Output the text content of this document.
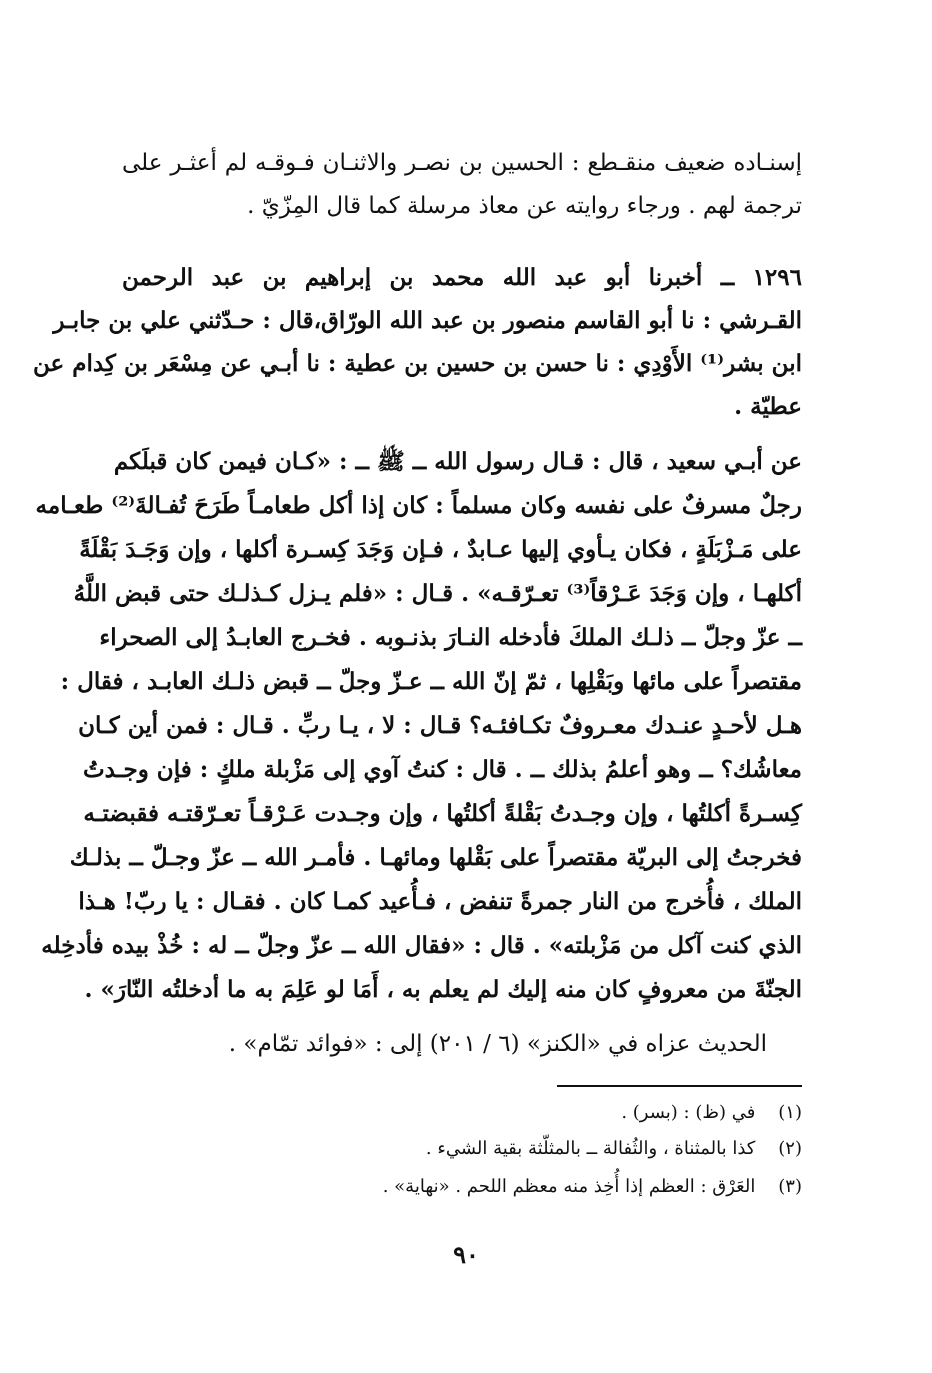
إسنـاده ضعيف منقـطع : الحسين بن نصـر والاثنـان فـوقـه لم أعثـر على
ترجمة لهم . ورجاء روايته عن معاذ مرسلة كما قال المِزّيّ .
١٢٩٦ ــ أخبرنا أبو عبد الله محمد بن إبراهيم بن عبد الرحمن
القـرشي : نا أبو القاسم منصور بن عبد الله الورّاق،قال : حـدّثني علي بن جابـر
ابن بشر⁽¹⁾ الأَوْدِي : نا حسن بن حسين بن عطية : نا أبـي عن مِسْعَر بن كِدام عن
عطيّة .
عن أبـي سعيد ، قال : قـال رسول الله ــ ﷺ ــ : «كـان فيمن كان قبلَكم
رجلٌ مسرفٌ على نفسه وكان مسلماً : كان إذا أكل طعامـاً طَرَحَ تُفـالةَ⁽²⁾ طعـامه
على مَـزْبَلَةٍ ، فكان يـأوي إليها عـابدٌ ، فـإن وَجَدَ كِسـرة أكلها ، وإن وَجَـدَ بَقْلَةً
أكلهـا ، وإن وَجَدَ عَـرْقاً⁽³⁾ تعـرّقـه» . قـال : «فلم يـزل كـذلـك حتى قبض اللَّهُ
ــ عزّ وجلّ ــ ذلـك الملكَ فأدخله النـارَ بذنـوبه . فخـرج العابـدُ إلى الصحراء
مقتصراً على مائها وبَقْلِها ، ثمّ إنّ الله ــ عـزّ وجلّ ــ قبض ذلـك العابـد ، فقال :
هـل لأحـدٍ عنـدك معـروفٌ تكـافئـه؟ قـال : لا ، يـا ربِّ . قـال : فمن أين كـان
معاشُك؟ ــ وهو أعلمُ بذلك ــ . قال : كنتُ آوي إلى مَزْبلة ملكٍ : فإن وجـدتُ
كِسـرةً أكلتُها ، وإن وجـدتُ بَقْلةً أكلتُها ، وإن وجـدت عَـرْقـاً تعـرّقتـه فقبضتـه
فخرجتُ إلى البريّة مقتصراً على بَقْلها ومائهـا . فأمـر الله ــ عزّ وجـلّ ــ بذلـك
الملك ، فأُخرج من النار جمرةً تنفض ، فـأُعيد كمـا كان . فقـال : يا ربّ! هـذا
الذي كنت آكل من مَزْبلته» . قال : «فقال الله ــ عزّ وجلّ ــ له : خُذْ بيده فأدخِله
الجنّةَ من معروفٍ كان منه إليك لم يعلم به ، أَمَا لو عَلِمَ به ما أدخلتُه النّارَ» .
الحديث عزاه في «الكنز» (٦ / ٢٠١) إلى : «فوائد تمّام» .
(١)    في (ظ) : (بسر) .
(٢)    كذا بالمثناة ، والثُفالة ــ بالمثلّثة بقية الشيء .
(٣)    العَرْق : العظم إذا أُخِذ منه معظم اللحم . «نهاية» .
٩٠
